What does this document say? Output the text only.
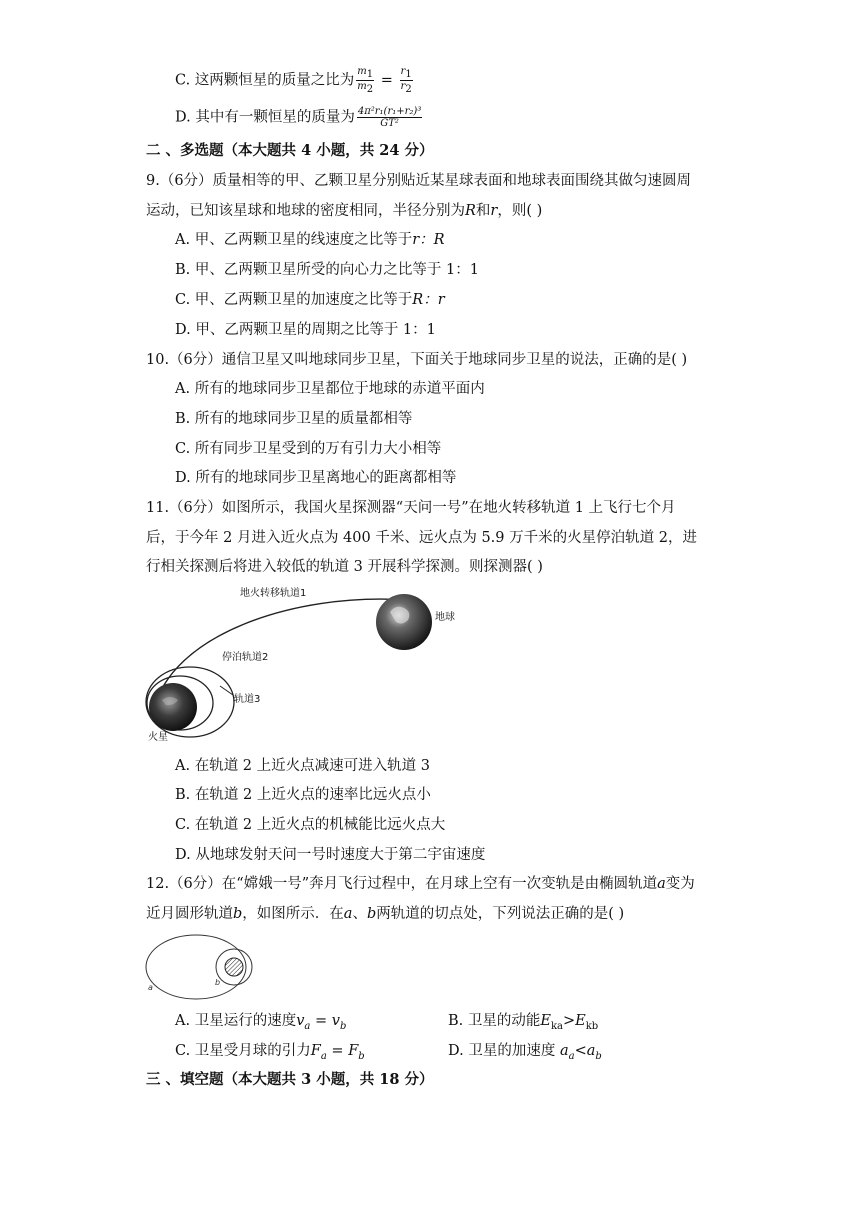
C. 这两颗恒星的质量之比为 $\frac{m_1}{m_2} = \frac{r_1}{r_2}$
D. 其中有一颗恒星的质量为 $\frac{\text{4π²r₁(r₁+r₂)³}}{\text{GT²}}$
二 、多选题（本大题共 4 小题，共 24 分）
9.（6分）质量相等的甲、乙颗卫星分别贴近某星球表面和地球表面围绕其做匀速圆周
运动，已知该星球和地球的密度相同，半径分别为R和r，则( )
A. 甲、乙两颗卫星的线速度之比等于r：R
B. 甲、乙两颗卫星所受的向心力之比等于 1：1
C. 甲、乙两颗卫星的加速度之比等于R：r
D. 甲、乙两颗卫星的周期之比等于 1：1
10.（6分）通信卫星又叫地球同步卫星，下面关于地球同步卫星的说法，正确的是( )
A. 所有的地球同步卫星都位于地球的赤道平面内
B. 所有的地球同步卫星的质量都相等
C. 所有同步卫星受到的万有引力大小相等
D. 所有的地球同步卫星离地心的距离都相等
11.（6分）如图所示，我国火星探测器“天问一号”在地火转移轨道 1 上飞行七个月
后，于今年 2 月进入近火点为 400 千米、远火点为 5.9 万千米的火星停泊轨道 2，进
行相关探测后将进入较低的轨道 3 开展科学探测。则探测器( )
地火转移轨道1
地球
停泊轨道2
轨道3
火星
A. 在轨道 2 上近火点减速可进入轨道 3
B. 在轨道 2 上近火点的速率比远火点小
C. 在轨道 2 上近火点的机械能比远火点大
D. 从地球发射天问一号时速度大于第二宇宙速度
12.（6分）在“嫦娥一号”奔月飞行过程中，在月球上空有一次变轨是由椭圆轨道a变为
近月圆形轨道b，如图所示．在a、b两轨道的切点处，下列说法正确的是( )
a
b
A. 卫星运行的速度$v_a = v_b$	B. 卫星的动能$E_{ka}>E_{kb}$
C. 卫星受月球的引力$F_a = F_b$	D. 卫星的加速度 $a_a<a_b$
三 、填空题（本大题共 3 小题，共 18 分）
